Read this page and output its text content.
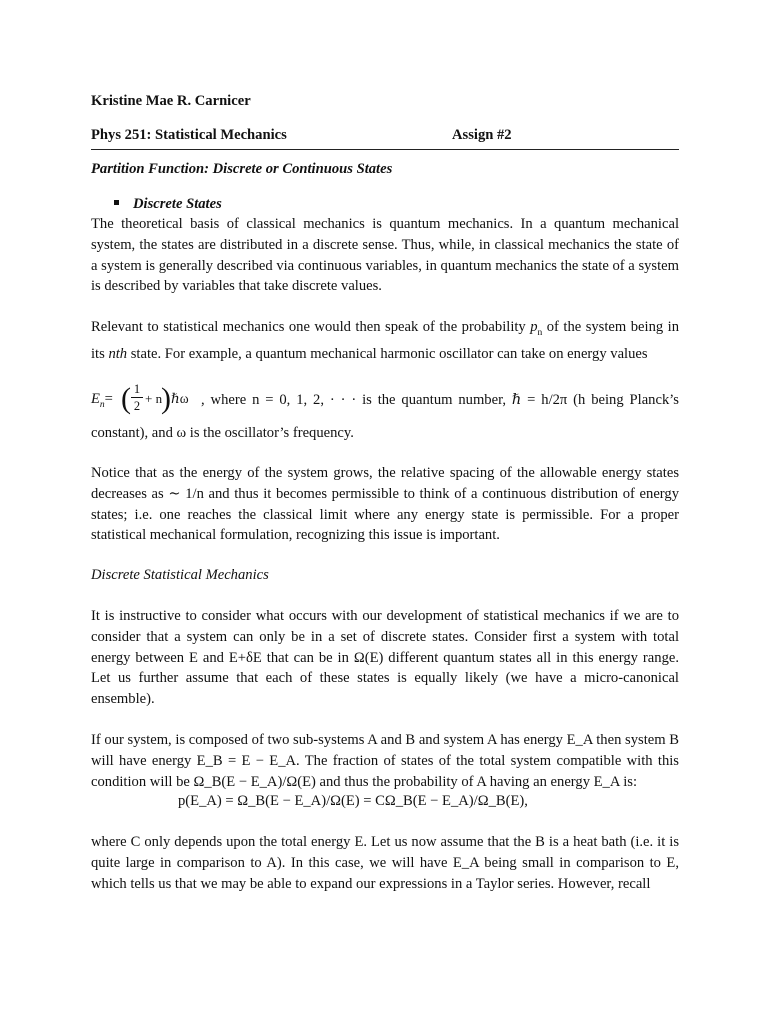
Kristine Mae R. Carnicer
Phys 251: Statistical Mechanics	Assign #2
Partition Function: Discrete or Continuous States
Discrete States

The theoretical basis of classical mechanics is quantum mechanics. In a quantum mechanical system, the states are distributed in a discrete sense. Thus, while, in classical mechanics the state of a system is generally described via continuous variables, in quantum mechanics the state of a system is described by variables that take discrete values.

Relevant to statistical mechanics one would then speak of the probability $p_n$ of the system being in its nth state. For example, a quantum mechanical harmonic oscillator can take on energy values

$E_n=$ ( 1
2 + n
) ℏω , where n = 0, 1, 2, · · · is the quantum number, ℏ = h/2π (h being Planck’s

constant), and ω is the oscillator’s frequency.

Notice that as the energy of the system grows, the relative spacing of the allowable energy states decreases as ∼ 1/n and thus it becomes permissible to think of a continuous distribution of energy states; i.e. one reaches the classical limit where any energy state is permissible. For a proper statistical mechanical formulation, recognizing this issue is important.

Discrete Statistical Mechanics

It is instructive to consider what occurs with our development of statistical mechanics if we are to consider that a system can only be in a set of discrete states. Consider first a system with total energy between E and E+δE that can be in Ω(E) different quantum states all in this energy range. Let us further assume that each of these states is equally likely (we have a micro-canonical ensemble).

If our system, is composed of two sub-systems A and B and system A has energy E_A then system B will have energy E_B = E − E_A. The fraction of states of the total system compatible with this condition will be Ω_B(E − E_A)/Ω(E) and thus the probability of A having an energy E_A is:

p(E_A) = Ω_B(E − E_A)/Ω(E) = CΩ_B(E − E_A)/Ω_B(E),

where C only depends upon the total energy E. Let us now assume that the B is a heat bath (i.e. it is quite large in comparison to A). In this case, we will have E_A being small in comparison to E, which tells us that we may be able to expand our expressions in a Taylor series. However, recall
